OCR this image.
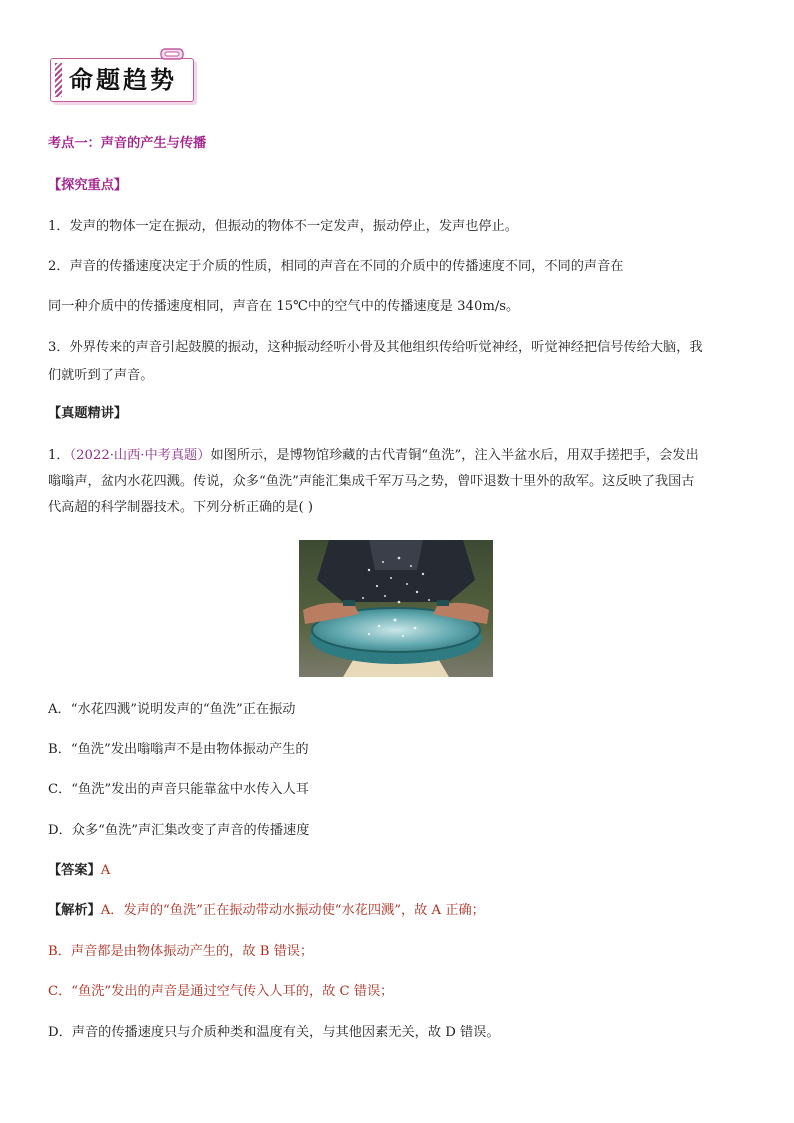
命题趋势
考点一：声音的产生与传播
【探究重点】
1．发声的物体一定在振动，但振动的物体不一定发声，振动停止，发声也停止。
2．声音的传播速度决定于介质的性质，相同的声音在不同的介质中的传播速度不同，不同的声音在
同一种介质中的传播速度相同，声音在 15℃中的空气中的传播速度是 340m/s。
3．外界传来的声音引起鼓膜的振动，这种振动经听小骨及其他组织传给听觉神经，听觉神经把信号传给大脑，我
们就听到了声音。
【真题精讲】
1．（2022·山西·中考真题）如图所示，是博物馆珍藏的古代青铜“鱼洗”，注入半盆水后，用双手搓把手，会发出
嗡嗡声，盆内水花四溅。传说，众多“鱼洗”声能汇集成千军万马之势，曾吓退数十里外的敌军。这反映了我国古
代高超的科学制器技术。下列分析正确的是( )
A．“水花四溅”说明发声的“鱼洗”正在振动
B．“鱼洗”发出嗡嗡声不是由物体振动产生的
C．“鱼洗”发出的声音只能靠盆中水传入人耳
D．众多“鱼洗”声汇集改变了声音的传播速度
【答案】A
【解析】A．发声的“鱼洗”正在振动带动水振动使“水花四溅”，故 A 正确；
B．声音都是由物体振动产生的，故 B 错误；
C．“鱼洗”发出的声音是通过空气传入人耳的，故 C 错误；
D．声音的传播速度只与介质种类和温度有关，与其他因素无关，故 D 错误。
